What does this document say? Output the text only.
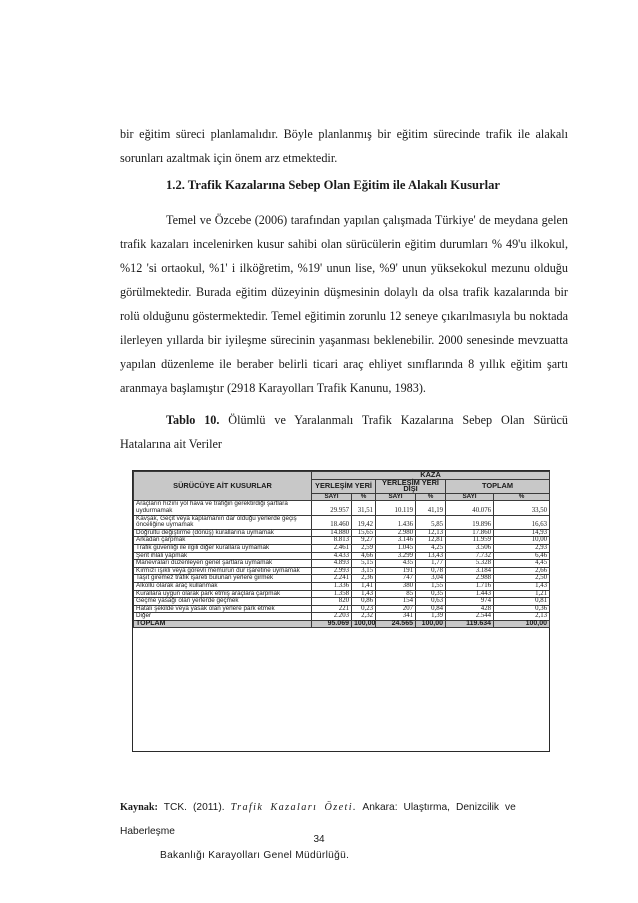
bir eğitim süreci planlamalıdır. Böyle planlanmış bir eğitim sürecinde trafik ile alakalı sorunları azaltmak için önem arz etmektedir.

1.2. Trafik Kazalarına Sebep Olan Eğitim ile Alakalı Kusurlar

Temel ve Özcebe (2006) tarafından yapılan çalışmada Türkiye' de meydana gelen trafik kazaları incelenirken kusur sahibi olan sürücülerin eğitim durumları % 49'u ilkokul, %12 'si ortaokul, %1' i ilköğretim, %19' unun lise, %9' unun yüksekokul mezunu olduğu görülmektedir. Burada eğitim düzeyinin düşmesinin dolaylı da olsa trafik kazalarında bir rolü olduğunu göstermektedir. Temel eğitimin zorunlu 12 seneye çıkarılmasıyla bu noktada ilerleyen yıllarda bir iyileşme sürecinin yaşanması beklenebilir. 2000 senesinde mevzuatta yapılan düzenleme ile beraber belirli ticari araç ehliyet sınıflarında 8 yıllık eğitim şartı aranmaya başlamıştır (2918 Karayolları Trafik Kanunu, 1983).

Tablo 10. Ölümlü ve Yaralanmalı Trafik Kazalarına Sebep Olan Sürücü Hatalarına ait Veriler

SÜRÜCÜYE AİT KUSURLAR	KAZA					
	YERLEŞİM YERİ		YERLEŞİM YERİ DIŞI		TOPLAM	
	SAYI	%	SAYI	%	SAYI	%
Araçların hızını yol hava ve trafiğin gerektirdiği şartlara uydurmamak	29.957	31,51	10.119	41,19	40.076	33,50
Kavşak, Geçit veya kaplamanın dar olduğu yerlerde geçiş önceliğine uymamak	18.460	19,42	1.436	5,85	19.896	16,63
Doğrultu değiştirme (dönüş) kurallarına uymamak	14.880	15,65	2.980	12,13	17.860	14,93
Arkadan çarpmak	8.813	9,27	3.146	12,81	11.959	10,00
Trafik güvenliği ile ilgili diğer kurallara uymamak	2.461	2,59	1.045	4,25	3.506	2,93
Şerit ihlali yapmak	4.433	4,66	3.299	13,43	7.732	6,46
Manevraları düzenleyen genel şartlara uymamak	4.893	5,15	435	1,77	5.328	4,45
Kırmızı ışıklı veya görevli memurun dur işaretine uymamak	2.993	3,15	191	0,78	3.184	2,66
Taşıt giremez trafik işareti bulunan yerlere girmek	2.241	2,36	747	3,04	2.988	2,50
Alkollü olarak araç kullanmak	1.336	1,41	380	1,55	1.716	1,43
Kurallara uygun olarak park etmiş araçlara çarpmak	1.358	1,43	85	0,35	1.443	1,21
Geçme yasağı olan yerlerde geçmek	820	0,86	154	0,63	974	0,81
Hatalı şekilde veya yasak olan yerlere park etmek	221	0,23	207	0,84	428	0,36
Diğer	2.203	2,32	341	1,39	2.544	2,13
TOPLAM	95.069	100,00	24.565	100,00	119.634	100,00

Kaynak: TCK. (2011). Trafik Kazaları Özeti. Ankara: Ulaştırma, Denizcilik ve Haberleşme
Bakanlığı Karayolları Genel Müdürlüğü.

34
